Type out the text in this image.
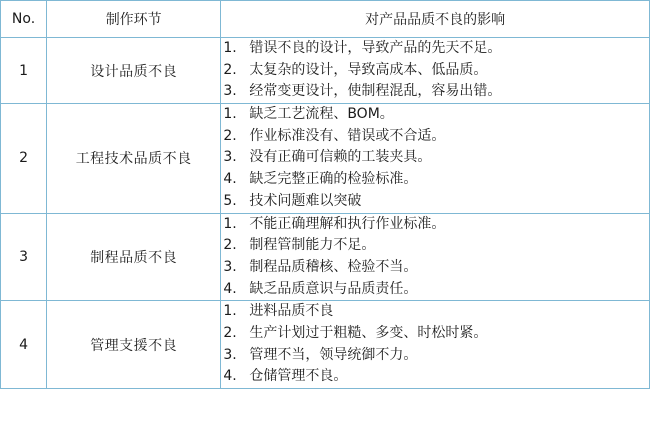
No.	制作环节	对产品品质不良的影响
1	设计品质不良	
1. 错误不良的设计，导致产品的先天不足。
2. 太复杂的设计，导致高成本、低品质。
3. 经常变更设计，使制程混乱，容易出错。

2	工程技术品质不良	
1. 缺乏工艺流程、BOM。
2. 作业标准没有、错误或不合适。
3. 没有正确可信赖的工装夹具。
4. 缺乏完整正确的检验标准。
5. 技术问题难以突破

3	制程品质不良	
1. 不能正确理解和执行作业标准。
2. 制程管制能力不足。
3. 制程品质稽核、检验不当。
4. 缺乏品质意识与品质责任。

4	管理支援不良	
1. 进料品质不良
2. 生产计划过于粗糙、多变、时松时紧。
3. 管理不当，领导统御不力。
4. 仓储管理不良。
